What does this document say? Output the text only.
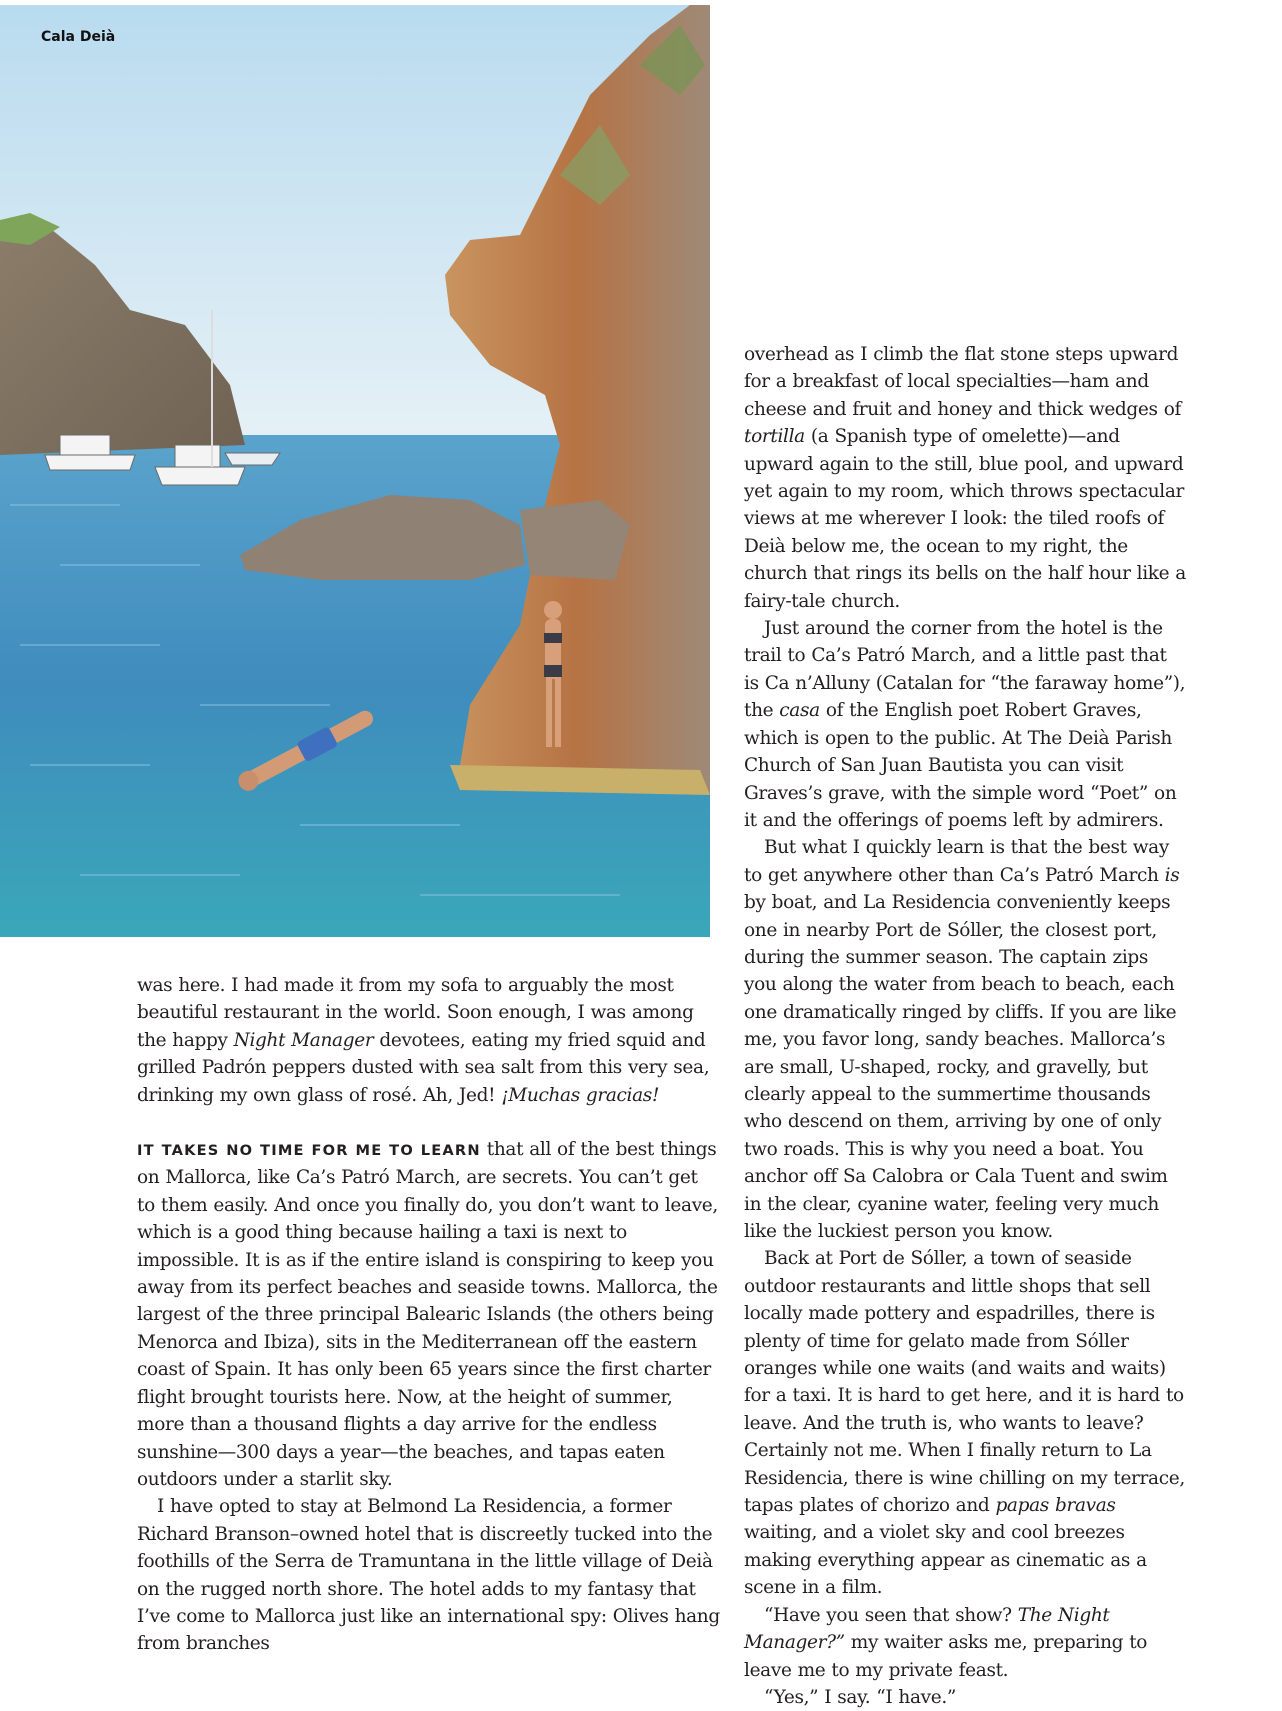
Cala Deià

was here. I had made it from my sofa to arguably the most beautiful restaurant in the world. Soon enough, I was among the happy Night Manager devotees, eating my fried squid and grilled Padrón peppers dusted with sea salt from this very sea, drinking my own glass of rosé. Ah, Jed! ¡Muchas gracias!

IT TAKES NO TIME FOR ME TO LEARN that all of the best things on Mallorca, like Ca’s Patró March, are secrets. You can’t get to them easily. And once you finally do, you don’t want to leave, which is a good thing because hailing a taxi is next to impossible. It is as if the entire island is conspiring to keep you away from its perfect beaches and seaside towns. Mallorca, the largest of the three principal Balearic Islands (the others being Menorca and Ibiza), sits in the Mediterranean off the eastern coast of Spain. It has only been 65 years since the first charter flight brought tourists here. Now, at the height of summer, more than a thousand flights a day arrive for the endless sunshine—300 days a year—the beaches, and tapas eaten outdoors under a starlit sky.

I have opted to stay at Belmond La Residencia, a former Richard Branson–owned hotel that is discreetly tucked into the foothills of the Serra de Tramuntana in the little village of Deià on the rugged north shore. The hotel adds to my fantasy that I’ve come to Mallorca just like an international spy: Olives hang from branches

overhead as I climb the flat stone steps upward for a breakfast of local specialties—ham and cheese and fruit and honey and thick wedges of tortilla (a Spanish type of omelette)—and upward again to the still, blue pool, and upward yet again to my room, which throws spectacular views at me wherever I look: the tiled roofs of Deià below me, the ocean to my right, the church that rings its bells on the half hour like a fairy-tale church.

Just around the corner from the hotel is the trail to Ca’s Patró March, and a little past that is Ca n’Alluny (Catalan for “the faraway home”), the casa of the English poet Robert Graves, which is open to the public. At The Deià Parish Church of San Juan Bautista you can visit Graves’s grave, with the simple word “Poet” on it and the offerings of poems left by admirers.

But what I quickly learn is that the best way to get anywhere other than Ca’s Patró March is by boat, and La Residencia conveniently keeps one in nearby Port de Sóller, the closest port, during the summer season. The captain zips you along the water from beach to beach, each one dramatically ringed by cliffs. If you are like me, you favor long, sandy beaches. Mallorca’s are small, U-shaped, rocky, and gravelly, but clearly appeal to the summertime thousands who descend on them, arriving by one of only two roads. This is why you need a boat. You anchor off Sa Calobra or Cala Tuent and swim in the clear, cyanine water, feeling very much like the luckiest person you know.

Back at Port de Sóller, a town of seaside outdoor restaurants and little shops that sell locally made pottery and espadrilles, there is plenty of time for gelato made from Sóller oranges while one waits (and waits and waits) for a taxi. It is hard to get here, and it is hard to leave. And the truth is, who wants to leave? Certainly not me. When I finally return to La Residencia, there is wine chilling on my terrace, tapas plates of chorizo and papas bravas waiting, and a violet sky and cool breezes making everything appear as cinematic as a scene in a film.

“Have you seen that show? The Night Manager?” my waiter asks me, preparing to leave me to my private feast.

“Yes,” I say. “I have.”
